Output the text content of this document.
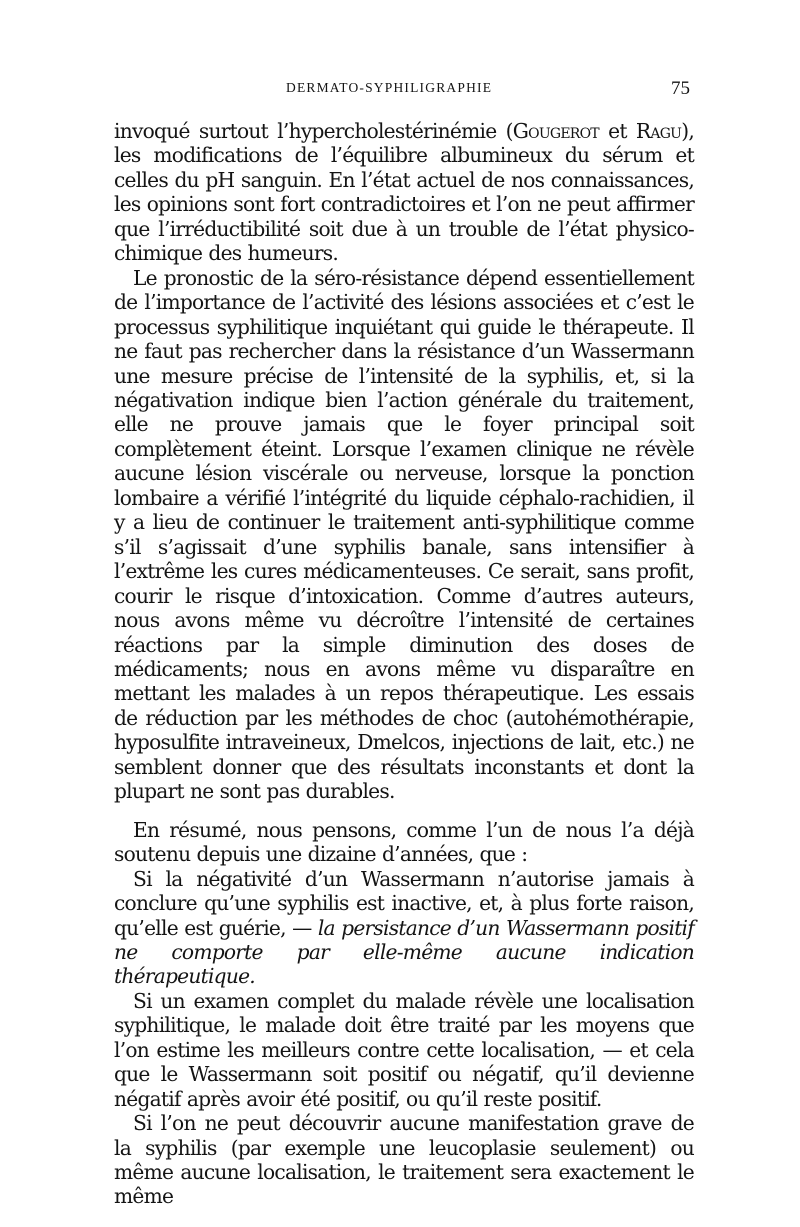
DERMATO-SYPHILIGRAPHIE	75

invoqué surtout l’hypercholestérinémie (Gougerot et Ragu), les modifications de l’équilibre albumineux du sérum et celles du pH sanguin. En l’état actuel de nos connaissances, les opinions sont fort contradictoires et l’on ne peut affirmer que l’irréductibilité soit due à un trouble de l’état physico-chimique des humeurs.

Le pronostic de la séro-résistance dépend essentiellement de l’importance de l’activité des lésions associées et c’est le processus syphilitique inquiétant qui guide le thérapeute. Il ne faut pas rechercher dans la résistance d’un Wassermann une mesure précise de l’intensité de la syphilis, et, si la négativation indique bien l’action générale du traitement, elle ne prouve jamais que le foyer principal soit complètement éteint. Lorsque l’examen clinique ne révèle aucune lésion viscérale ou nerveuse, lorsque la ponction lombaire a vérifié l’intégrité du liquide céphalo-rachidien, il y a lieu de continuer le traitement anti-syphilitique comme s’il s’agissait d’une syphilis banale, sans intensifier à l’extrême les cures médicamenteuses. Ce serait, sans profit, courir le risque d’intoxication. Comme d’autres auteurs, nous avons même vu décroître l’intensité de certaines réactions par la simple diminution des doses de médicaments; nous en avons même vu disparaître en mettant les malades à un repos thérapeutique. Les essais de réduction par les méthodes de choc (autohémothérapie, hyposulfite intraveineux, Dmelcos, injections de lait, etc.) ne semblent donner que des résultats inconstants et dont la plupart ne sont pas durables.

En résumé, nous pensons, comme l’un de nous l’a déjà soutenu depuis une dizaine d’années, que :

Si la négativité d’un Wassermann n’autorise jamais à conclure qu’une syphilis est inactive, et, à plus forte raison, qu’elle est guérie, — la persistance d’un Wassermann positif ne comporte par elle-même aucune indication thérapeutique.

Si un examen complet du malade révèle une localisation syphilitique, le malade doit être traité par les moyens que l’on estime les meilleurs contre cette localisation, — et cela que le Wassermann soit positif ou négatif, qu’il devienne négatif après avoir été positif, ou qu’il reste positif.

Si l’on ne peut découvrir aucune manifestation grave de la syphilis (par exemple une leucoplasie seulement) ou même aucune localisation, le traitement sera exactement le même
